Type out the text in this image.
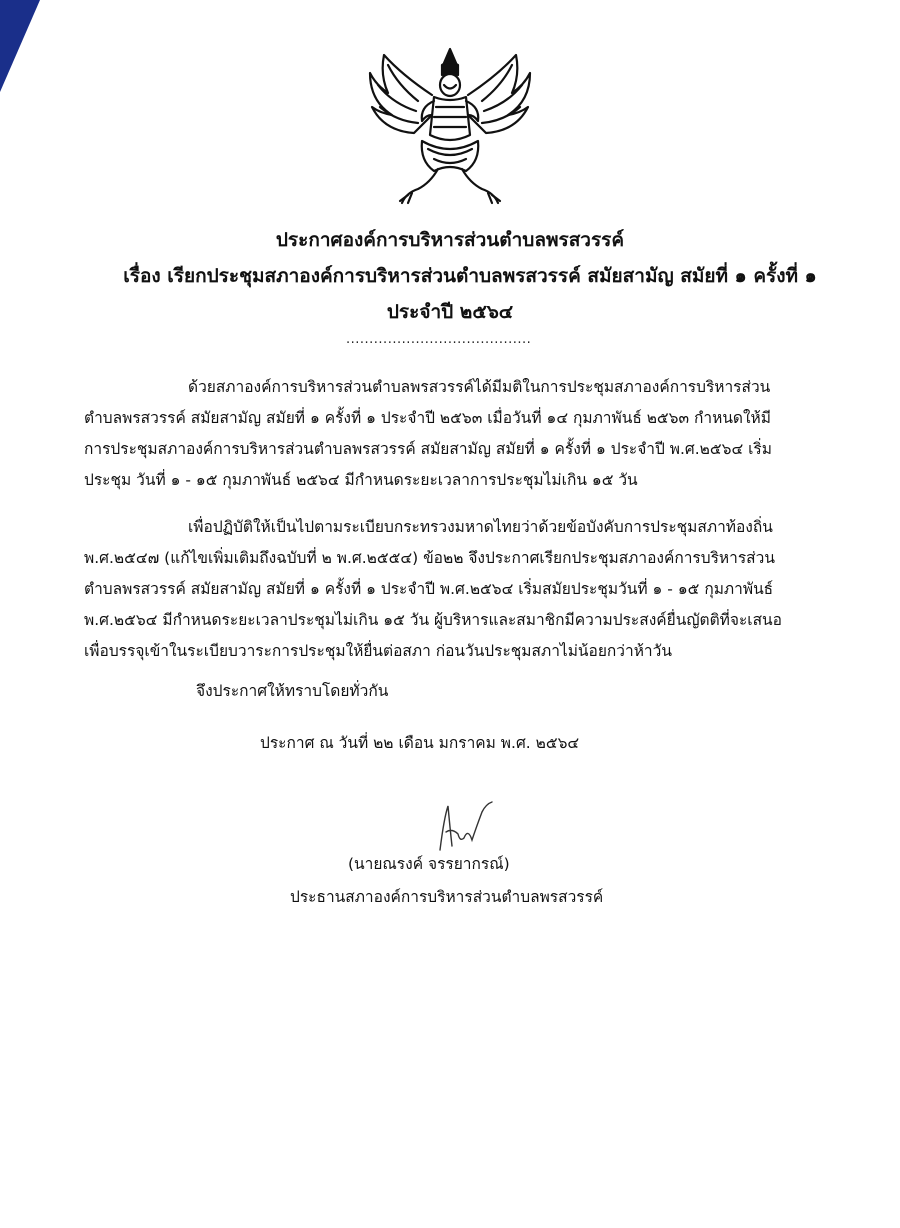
ประกาศองค์การบริหารส่วนตำบลพรสวรรค์
เรื่อง เรียกประชุมสภาองค์การบริหารส่วนตำบลพรสวรรค์ สมัยสามัญ สมัยที่ ๑ ครั้งที่ ๑
ประจำปี ๒๕๖๔
........................................
ด้วยสภาองค์การบริหารส่วนตำบลพรสวรรค์ได้มีมติในการประชุมสภาองค์การบริหารส่วน
ตำบลพรสวรรค์ สมัยสามัญ สมัยที่ ๑ ครั้งที่ ๑ ประจำปี ๒๕๖๓ เมื่อวันที่ ๑๔ กุมภาพันธ์ ๒๕๖๓ กำหนดให้มี
การประชุมสภาองค์การบริหารส่วนตำบลพรสวรรค์ สมัยสามัญ สมัยที่ ๑ ครั้งที่ ๑ ประจำปี พ.ศ.๒๕๖๔ เริ่ม
ประชุม วันที่ ๑ - ๑๕ กุมภาพันธ์ ๒๕๖๔ มีกำหนดระยะเวลาการประชุมไม่เกิน ๑๕ วัน
เพื่อปฏิบัติให้เป็นไปตามระเบียบกระทรวงมหาดไทยว่าด้วยข้อบังคับการประชุมสภาท้องถิ่น
พ.ศ.๒๕๔๗ (แก้ไขเพิ่มเติมถึงฉบับที่ ๒ พ.ศ.๒๕๕๔) ข้อ๒๒ จึงประกาศเรียกประชุมสภาองค์การบริหารส่วน
ตำบลพรสวรรค์ สมัยสามัญ สมัยที่ ๑ ครั้งที่ ๑ ประจำปี พ.ศ.๒๕๖๔ เริ่มสมัยประชุมวันที่ ๑ - ๑๕ กุมภาพันธ์
พ.ศ.๒๕๖๔ มีกำหนดระยะเวลาประชุมไม่เกิน ๑๕ วัน ผู้บริหารและสมาชิกมีความประสงค์ยื่นญัตติที่จะเสนอ
เพื่อบรรจุเข้าในระเบียบวาระการประชุมให้ยื่นต่อสภา ก่อนวันประชุมสภาไม่น้อยกว่าห้าวัน
จึงประกาศให้ทราบโดยทั่วกัน
ประกาศ ณ วันที่ ๒๒ เดือน มกราคม พ.ศ. ๒๕๖๔
(นายณรงค์ จรรยากรณ์)
ประธานสภาองค์การบริหารส่วนตำบลพรสวรรค์
